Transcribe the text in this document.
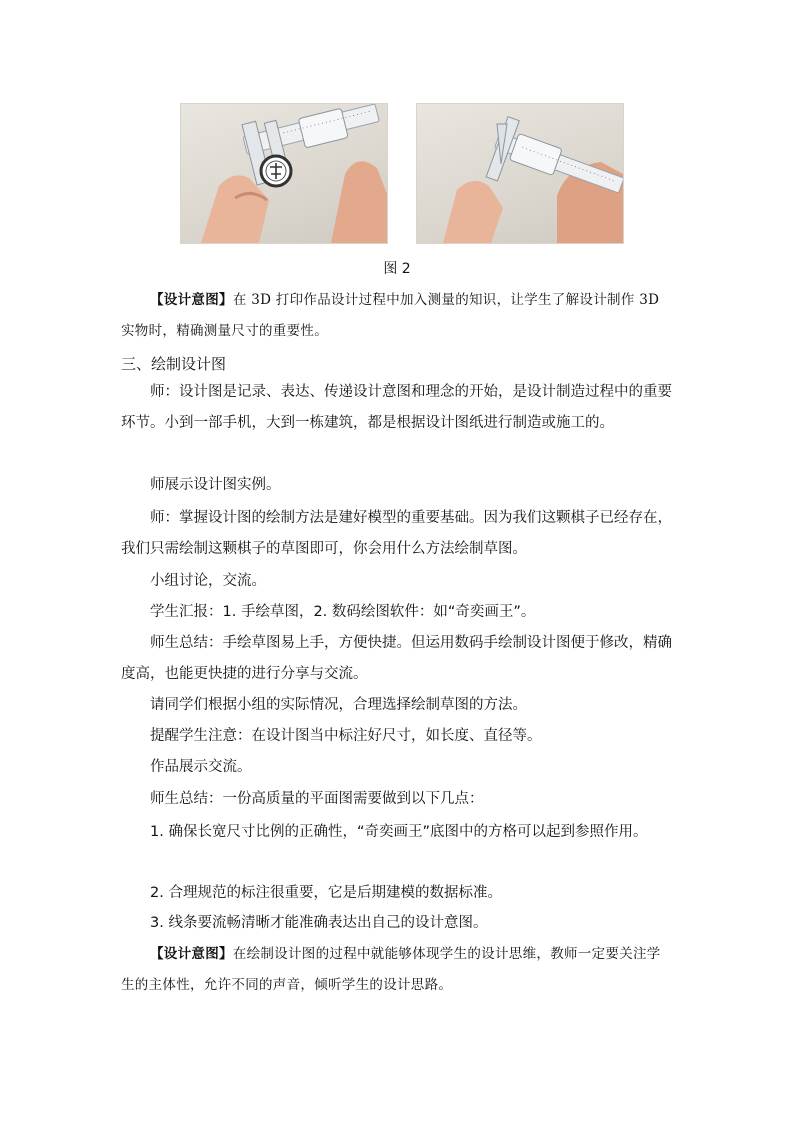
图 2

【设计意图】在 3D 打印作品设计过程中加入测量的知识，让学生了解设计制作 3D 实物时，精确测量尺寸的重要性。

三、绘制设计图

师：设计图是记录、表达、传递设计意图和理念的开始，是设计制造过程中的重要环节。小到一部手机，大到一栋建筑，都是根据设计图纸进行制造或施工的。

师展示设计图实例。

师：掌握设计图的绘制方法是建好模型的重要基础。因为我们这颗棋子已经存在，我们只需绘制这颗棋子的草图即可，你会用什么方法绘制草图。

小组讨论，交流。

学生汇报：1. 手绘草图，2. 数码绘图软件：如“奇奕画王”。

师生总结：手绘草图易上手，方便快捷。但运用数码手绘制设计图便于修改，精确度高，也能更快捷的进行分享与交流。

请同学们根据小组的实际情况，合理选择绘制草图的方法。

提醒学生注意：在设计图当中标注好尺寸，如长度、直径等。

作品展示交流。

师生总结：一份高质量的平面图需要做到以下几点：

1. 确保长宽尺寸比例的正确性，“奇奕画王”底图中的方格可以起到参照作用。

2. 合理规范的标注很重要，它是后期建模的数据标准。

3. 线条要流畅清晰才能准确表达出自己的设计意图。

【设计意图】在绘制设计图的过程中就能够体现学生的设计思维，教师一定要关注学生的主体性，允许不同的声音，倾听学生的设计思路。
